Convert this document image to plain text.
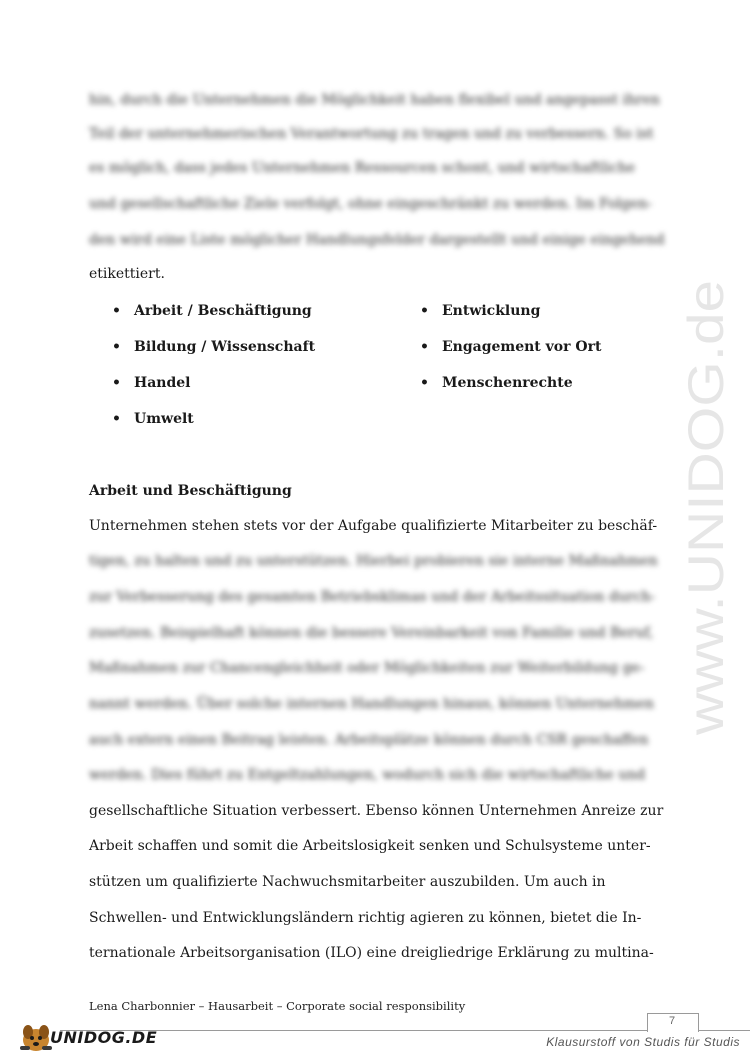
www.UNIDOG.de
hin, durch die Unternehmen die Möglichkeit haben flexibel und angepasst ihren
Teil der unternehmerischen Verantwortung zu tragen und zu verbessern. So ist
es möglich, dass jedes Unternehmen Ressourcen schont, und wirtschaftliche
und gesellschaftliche Ziele verfolgt, ohne eingeschränkt zu werden. Im Folgen-
den wird eine Liste möglicher Handlungsfelder dargestellt und einige eingehend
etikettiert.
• Arbeit / Beschäftigung
• Bildung / Wissenschaft
• Handel
• Umwelt
• Entwicklung
• Engagement vor Ort
• Menschenrechte
Arbeit und Beschäftigung
Unternehmen stehen stets vor der Aufgabe qualifizierte Mitarbeiter zu beschäf-
tigen, zu halten und zu unterstützen. Hierbei probieren sie interne Maßnahmen
zur Verbesserung des gesamten Betriebsklimas und der Arbeitssituation durch-
zusetzen. Beispielhaft können die bessere Vereinbarkeit von Familie und Beruf,
Maßnahmen zur Chancengleichheit oder Möglichkeiten zur Weiterbildung ge-
nannt werden. Über solche internen Handlungen hinaus, können Unternehmen
auch extern einen Beitrag leisten. Arbeitsplätze können durch CSR geschaffen
werden. Dies führt zu Entgeltzahlungen, wodurch sich die wirtschaftliche und
gesellschaftliche Situation verbessert. Ebenso können Unternehmen Anreize zur
Arbeit schaffen und somit die Arbeitslosigkeit senken und Schulsysteme unter-
stützen um qualifizierte Nachwuchsmitarbeiter auszubilden. Um auch in
Schwellen- und Entwicklungsländern richtig agieren zu können, bietet die In-
ternationale Arbeitsorganisation (ILO) eine dreigliedrige Erklärung zu multina-
Lena Charbonnier – Hausarbeit – Corporate social responsibility
7
UNIDOG.DE	Klausurstoff von Studis für Studis
